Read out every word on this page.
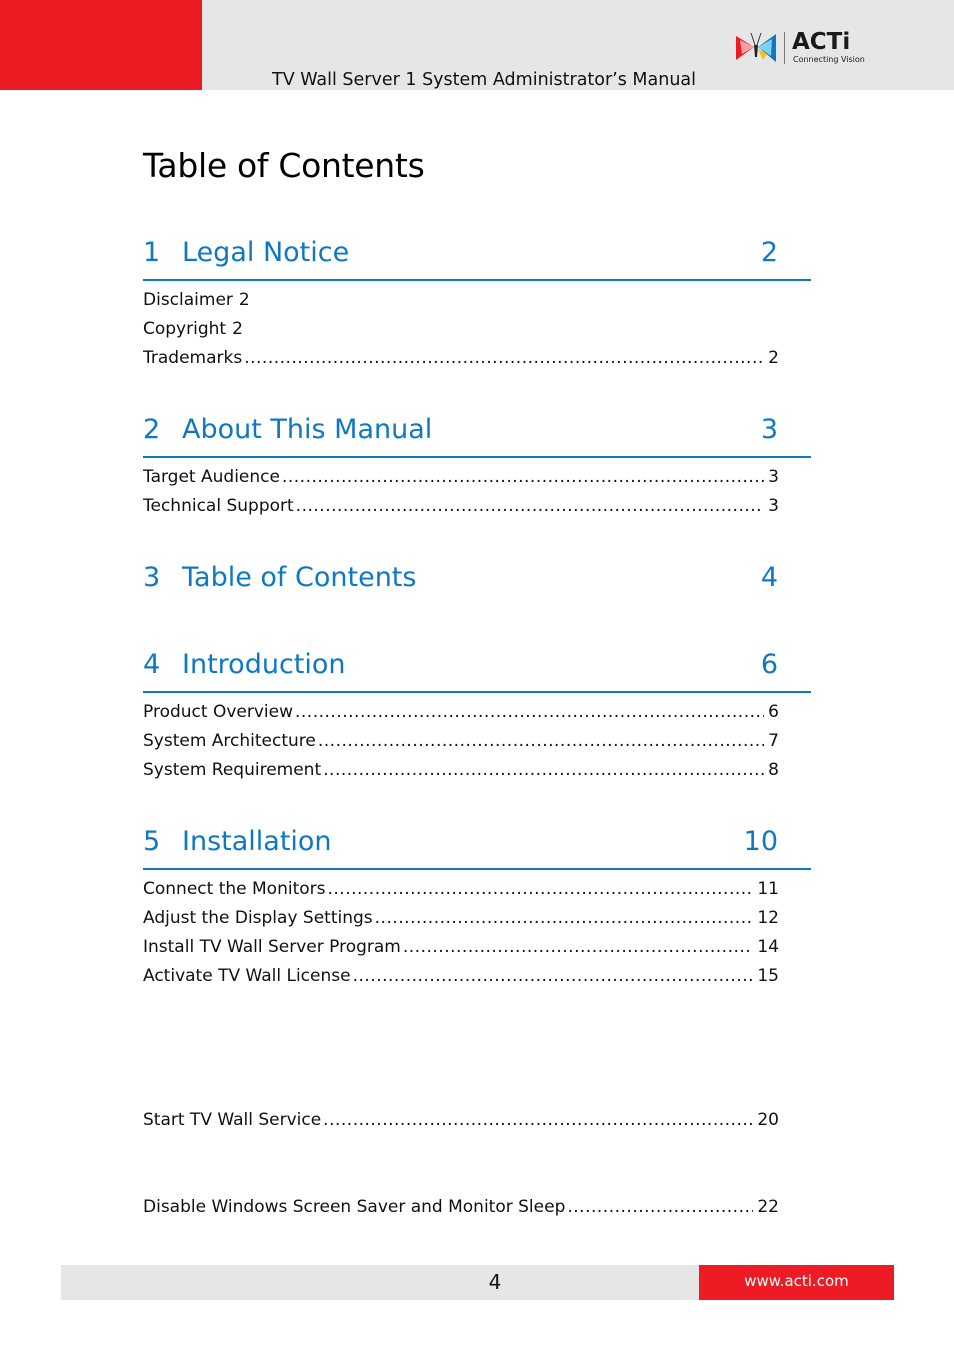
TV Wall Server 1 System Administrator’s Manual
ACTi
Connecting Vision
Table of Contents
1 Legal Notice	2
Disclaimer 2
Copyright 2
Trademarks .....	2
2 About This Manual	3
Target Audience .....	3
Technical Support .....	3
3 Table of Contents	4
4 Introduction	6
Product Overview .....	6
System Architecture .....	7
System Requirement .....	8
5 Installation	10
Connect the Monitors .....	11
Adjust the Display Settings .....	12
Install TV Wall Server Program .....	14
Activate TV Wall License .....	15
Start TV Wall Service .....	20
Disable Windows Screen Saver and Monitor Sleep .....	22
4	www.acti.com
